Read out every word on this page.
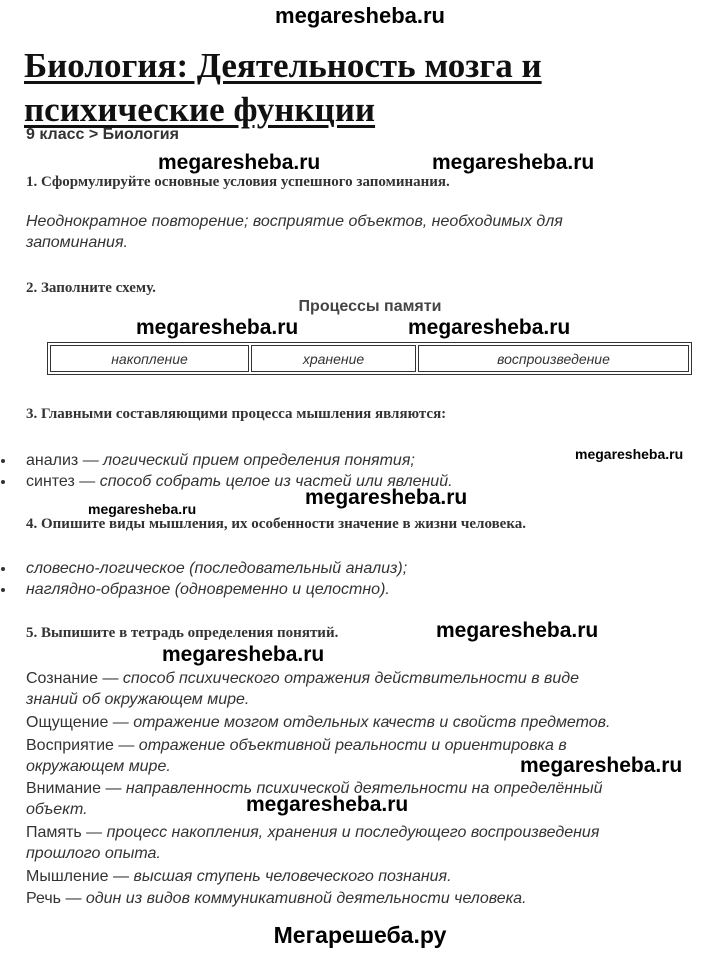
megaresheba.ru
Биология: Деятельность мозга и
психические функции
9 класс > Биология
megaresheba.ru	megaresheba.ru
1. Сформулируйте основные условия успешного запоминания.
Неоднократное повторение; восприятие объектов, необходимых для
запоминания.
2. Заполните схему.
Процессы памяти
megaresheba.ru	megaresheba.ru
накопление	хранение	воспроизведение
3. Главными составляющими процесса мышления являются:
megaresheba.ru
анализ — логический прием определения понятия;
синтез — способ собрать целое из частей или явлений.
megaresheba.ru	megaresheba.ru
4. Опишите виды мышления, их особенности значение в жизни человека.
словесно-логическое (последовательный анализ);
наглядно-образное (одновременно и целостно).
5. Выпишите в тетрадь определения понятий.	megaresheba.ru
megaresheba.ru
Сознание — способ психического отражения действительности в виде
знаний об окружающем мире.
Ощущение — отражение мозгом отдельных качеств и свойств предметов.
Восприятие — отражение объективной реальности и ориентировка в
окружающем мире.	megaresheba.ru
Внимание — направленность психической деятельности на определённый
объект.	megaresheba.ru
Память — процесс накопления, хранения и последующего воспроизведения
прошлого опыта.
Мышление — высшая ступень человеческого познания.
Речь — один из видов коммуникативной деятельности человека.
Мегарешеба.ру
